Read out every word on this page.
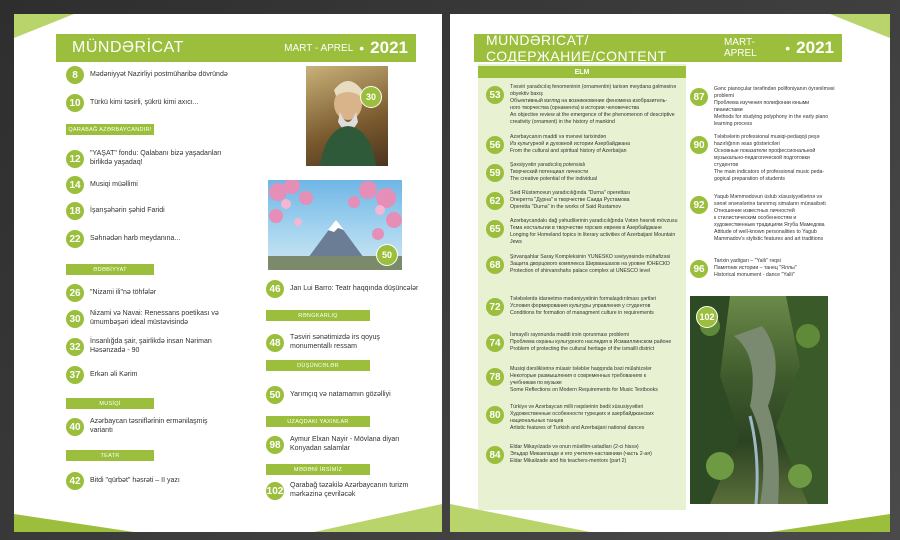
MÜNDƏRİCAT	MART - APREL • 2021
8	Mədəniyyət Nazirliyi postmüharibə dövründə
10	Türkü kimi təsirli, şükrü kimi axıcı...
QARABAĞ AZƏRBAYCANDIR!
12	"YAŞAT" fondu: Qalabanı bizə yaşadanları birlikdə yaşadaq!
14	Musiqi müəllimi
18	İşarışəhərin şəhid Faridi
22	Səhnədən harb meydanına...
ƏDƏBİYYAT
26	"Nizami ili"nə töhfələr
30	Nizami və Navai: Renessans poetikası və ümumbəşəri ideal müstəvisində
32	İnsanlığda şair, şairlikdə insan Nəriman Həsənzadə - 90
37	Erkən əli Kərim
MUSİQİ
40	Azərbaycan təsnifləri̇nin ermənilaşmiş variantı
TEATR
42	Bitdi "qürbət" həsrəti – II yazı
30
50
46	Jan Lui Barro: Teatr haqqında düşüncələr
RƏNGKARLIQ
48	Təsviri sənətimizdə irs qoyuş monumentallı ressam
DÜŞÜNCƏLƏR
50	Yarımçıq və natamamın gözəlliyi
UZAQDAKI YAXINLAR
98	Aymur Elxan Nayir - Mövlana diyarı Konyadan salamlar
MƏDƏNİ İRSİMİZ
102 Qarabağ təzəkilə Azərbaycanın turizm mərkəzinə çevriləcək
MÜNDƏRİCAT/СОДЕРЖАНИЕ/CONTENT
MART- APREL	• 2021
ELM
53
Təsviri yaradıcılıq fenomeninin (ornamentin) tarixən meydana gəlməsinə obyektiv baxış
Объективный взгляд на возникновение феномена изобразитель-
ного творчества (орнамента) в истории человечества
An objective review at the emergence of the phenomenon of descriptive
creativity (ornament) in the history of mankind
56
Azərbaycanın maddi və mənəvi tarixindən
Из культурной и духовной истории Азербайджана
From the cultural and spiritual history of Azerbaijan
59
Şəxsiyyətin yaradıcılıq potensialı
Творческий потенциал личности
The creative potential of the individual
62
Səid Rüstəmovun yaradıcılığında "Durna" operettası
Оперетта "Дурна" в творчестве Саида Рустамова
Operetta "Durna" in the works of Said Rustamov
65
Azərbaycandakı dağ yəhudilərinin yaradıcılığında Vətən həsrəti mövzusu
Тема ностальгии в творчестве горских евреев в Азербайджане
Longing for Homeland topics in literary activities of Azerbaijani Mountain Jews
68
Şirvanşahlar Saray Kompleksinin YUNESKO səviyyəsində mühafizəsi
Защита дворцового комплекса Ширваншахов на уровне ЮНЕСКО
Protection of shirvanshahs palace complex at UNESCO level
72
Tələbələrdə idarəetmə mədəniyyətinin formalaşdırılması şərtləri
Условия формирования культуры управления у студентов
Conditions for formation of managment culture in requirements
74
İsmayıllı rayonunda maddi irsin qorunması problemi
Проблема охраны культурного наследия в Исмаиллинском районе
Problem of protecting the cultural heritage of the ismailli district
78
Musiqi dərsliklərinə müasir tələblər haqqında bəzi mülahizələr
Некоторые размышления о современных требованиях к
учебникам по музыке
Some Reflections on Modern Requirements for Music Textbooks
80
Türkiyə və Azərbaycan milli rəqslərinin bədii xüsusiyyətləri
Художественные особенности турецких и азербайджанских
национальных танцев
Artistic features of Turkish and Azerbaijani national dances
84
Eldar Mikayılzadə və onun müəllim-ustadları (2-ci hissə)
Эльдар Микаилзаде и его учителя-наставники (часть 2-ая)
Eldar Mikailzade and his teachers-mentors (part 2)
87
Gənc pianoçular tərəfindən polifoniyanın öyrənilməsi problemi
Проблема изучения полифонии юными
пианистами
Methods for studying polyphony in the early piano
learning process
90
Tələbələrin professional musiqi-pedaqoji peşə
hazırlığının əsas göstəriciləri
Основные показатели профессиональной
музыкально-педагогической подготовки
студентов
The main indicators of professional music peda-
gogical preparation of students
92
Yaqub Məmmədovun üslub xüsusiyyətlərinə və
sənət ənənələrinə tanınmış simaların münasibəti
Отношение известных личностей
к стилистическим особенностям и
художественным традициям Ягуба Мамедова
Attitude of well-known personalities to Yagub
Mammadov's stylistic features and art traditions
96
Tarixin yadigarı – "Yallı" rəqsi
Памятник истории – танец "Яллы"
Historical monument - dance "Yalli"
102
